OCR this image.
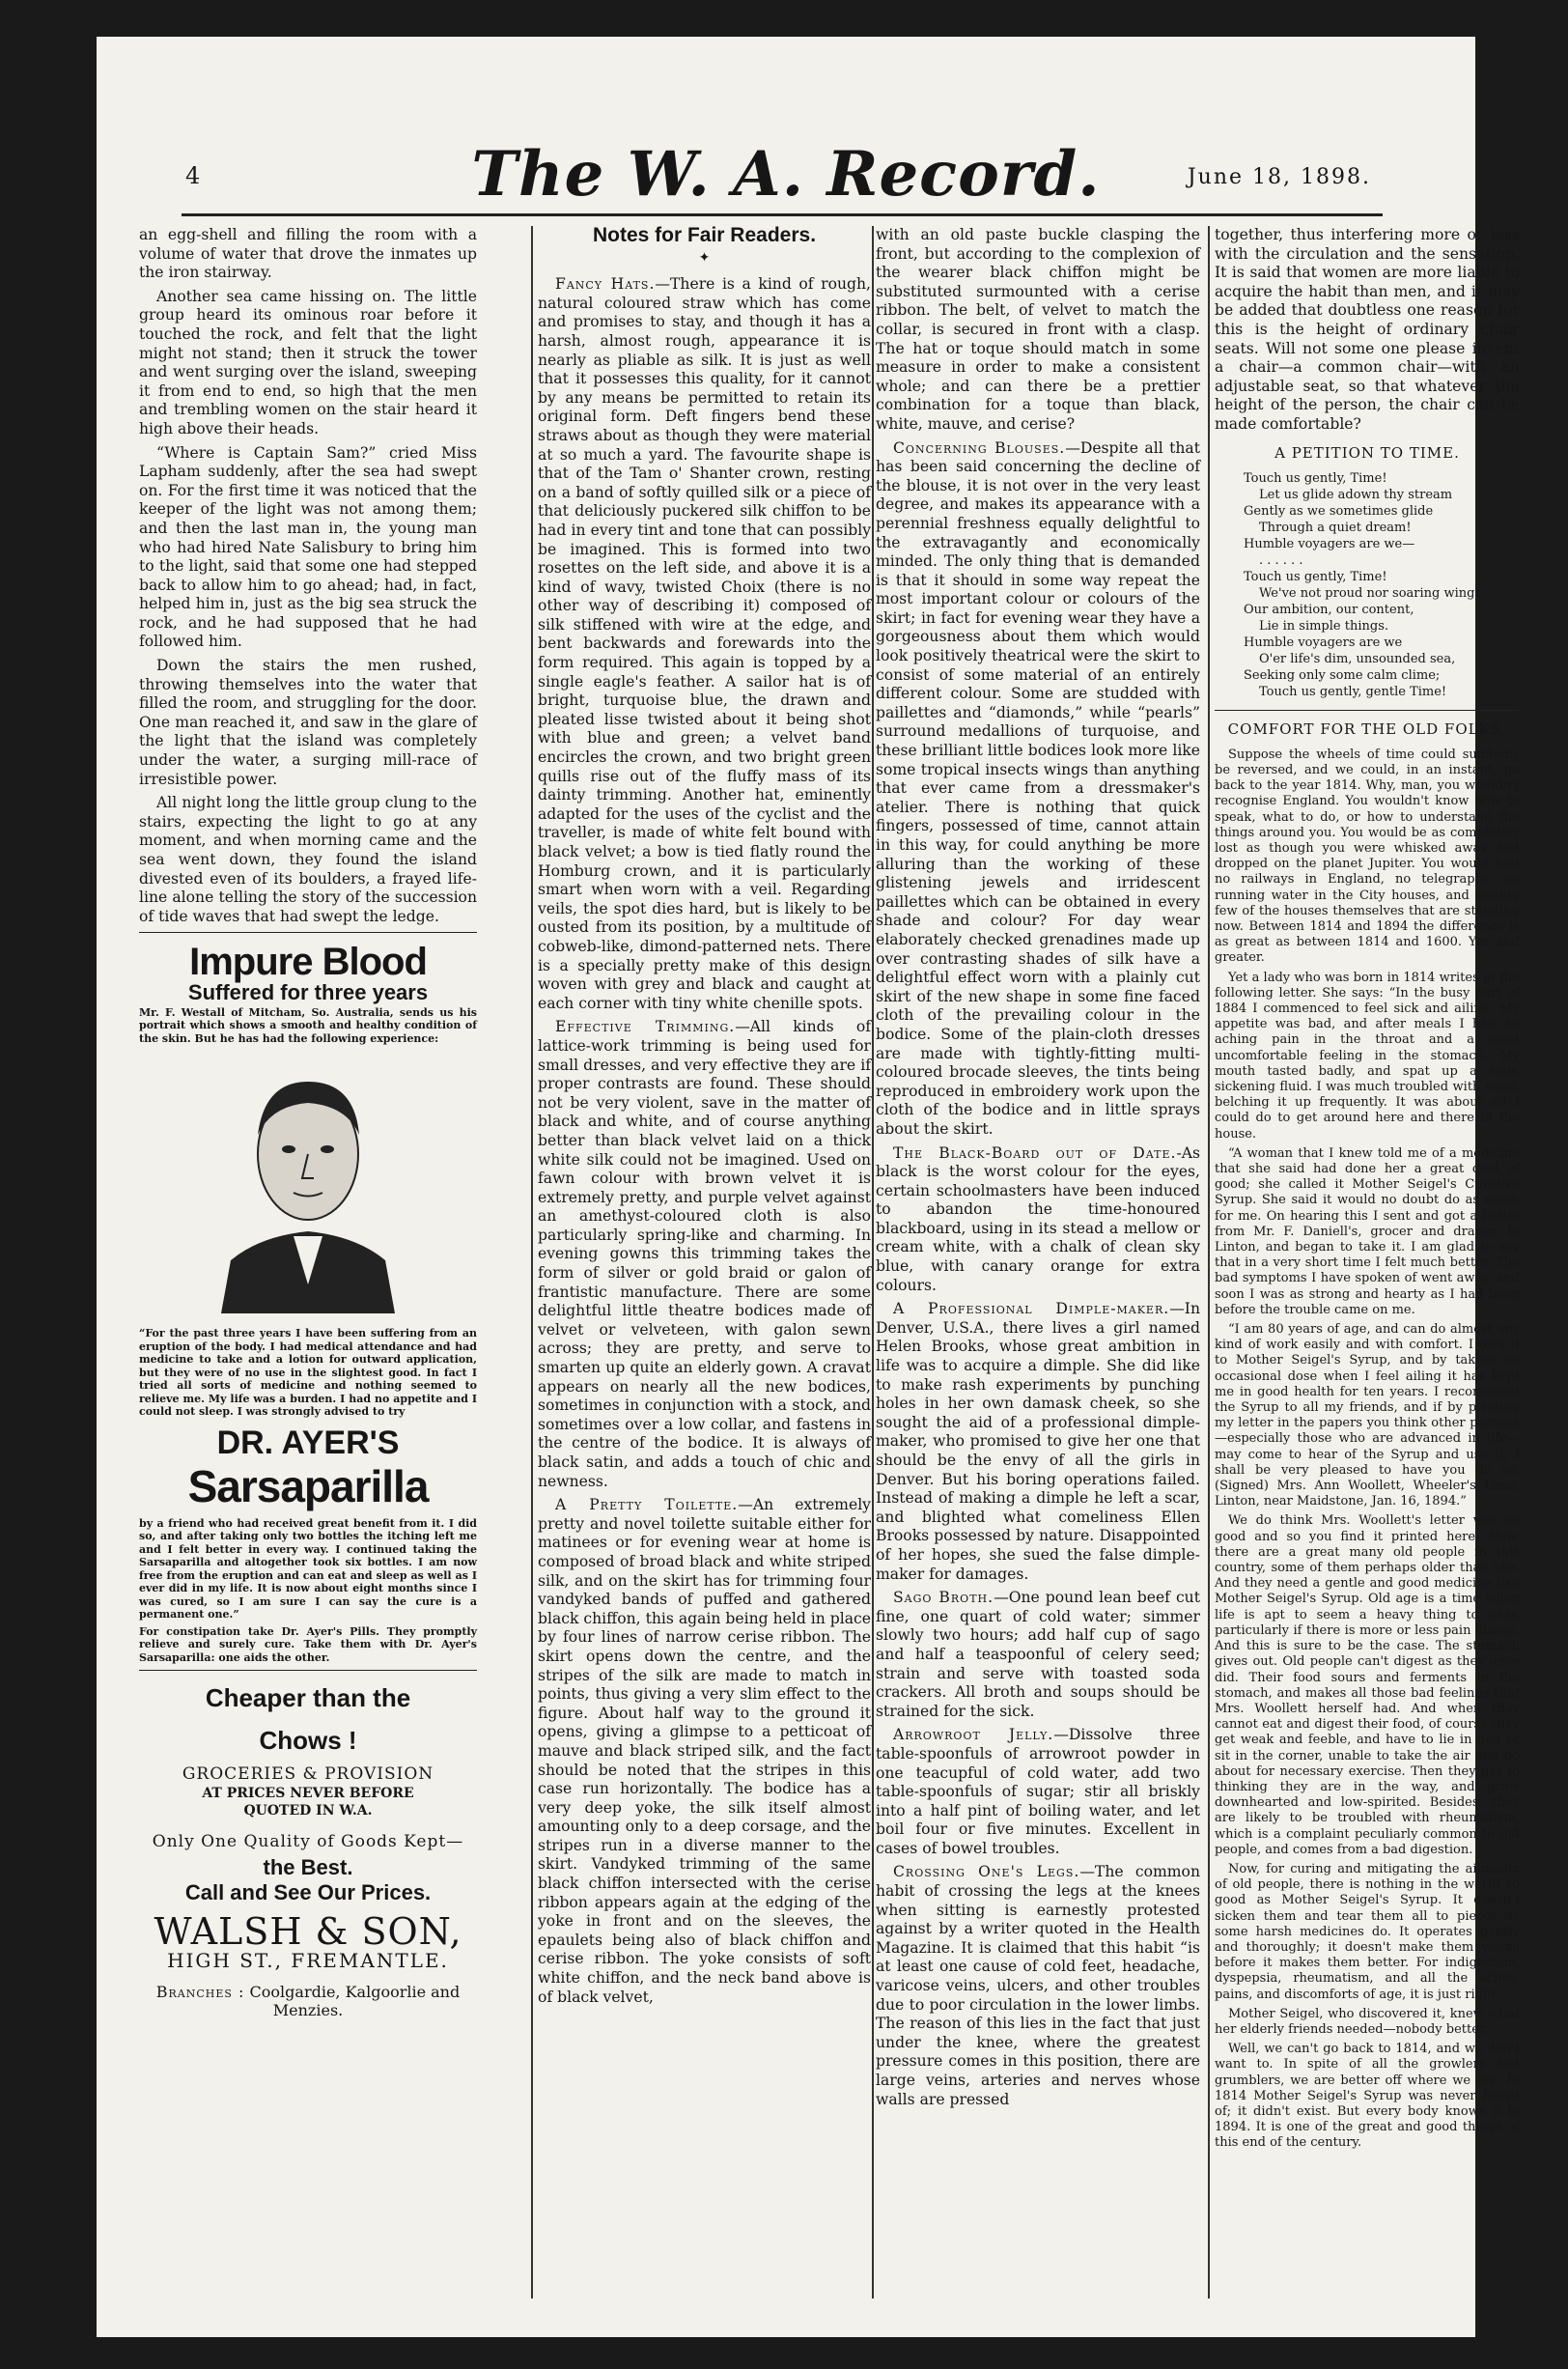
4	The W. A. Record.	June 18, 1898.

an egg-shell and filling the room with a volume of water that drove the inmates up the iron stairway.

Another sea came hissing on. The little group heard its ominous roar before it touched the rock, and felt that the light might not stand; then it struck the tower and went surging over the island, sweeping it from end to end, so high that the men and trembling women on the stair heard it high above their heads.

“Where is Captain Sam?” cried Miss Lapham suddenly, after the sea had swept on. For the first time it was noticed that the keeper of the light was not among them; and then the last man in, the young man who had hired Nate Salisbury to bring him to the light, said that some one had stepped back to allow him to go ahead; had, in fact, helped him in, just as the big sea struck the rock, and he had supposed that he had followed him.

Down the stairs the men rushed, throwing themselves into the water that filled the room, and struggling for the door. One man reached it, and saw in the glare of the light that the island was completely under the water, a surging mill-race of irresistible power.

All night long the little group clung to the stairs, expecting the light to go at any moment, and when morning came and the sea went down, they found the island divested even of its boulders, a frayed life-line alone telling the story of the succession of tide waves that had swept the ledge.

Impure Blood
Suffered for three years
Mr. F. Westall of Mitcham, So. Australia, sends us his portrait which shows a smooth and healthy condition of the skin. But he has had the following experience:
“For the past three years I have been suffering from an eruption of the body. I had medical attendance and had medicine to take and a lotion for outward application, but they were of no use in the slightest good. In fact I tried all sorts of medicine and nothing seemed to relieve me. My life was a burden. I had no appetite and I could not sleep. I was strongly advised to try
DR. AYER'S
Sarsaparilla
by a friend who had received great benefit from it. I did so, and after taking only two bottles the itching left me and I felt better in every way. I continued taking the Sarsaparilla and altogether took six bottles. I am now free from the eruption and can eat and sleep as well as I ever did in my life. It is now about eight months since I was cured, so I am sure I can say the cure is a permanent one.”
For constipation take Dr. Ayer's Pills. They promptly relieve and surely cure. Take them with Dr. Ayer's Sarsaparilla: one aids the other.
Cheaper than the
Chows !
GROCERIES & PROVISION
AT PRICES NEVER BEFORE
QUOTED IN W.A.
Only One Quality of Goods Kept—
the Best.
Call and See Our Prices.
WALSH & SON,
HIGH ST., FREMANTLE.
Branches : Coolgardie, Kalgoorlie and Menzies.
Notes for Fair Readers.
✦

Fancy Hats.—There is a kind of rough, natural coloured straw which has come and promises to stay, and though it has a harsh, almost rough, appearance it is nearly as pliable as silk. It is just as well that it possesses this quality, for it cannot by any means be permitted to retain its original form. Deft fingers bend these straws about as though they were material at so much a yard. The favourite shape is that of the Tam o' Shanter crown, resting on a band of softly quilled silk or a piece of that deliciously puckered silk chiffon to be had in every tint and tone that can possibly be imagined. This is formed into two rosettes on the left side, and above it is a kind of wavy, twisted Choix (there is no other way of describing it) composed of silk stiffened with wire at the edge, and bent backwards and forewards into the form required. This again is topped by a single eagle's feather. A sailor hat is of bright, turquoise blue, the drawn and pleated lisse twisted about it being shot with blue and green; a velvet band encircles the crown, and two bright green quills rise out of the fluffy mass of its dainty trimming. Another hat, eminently adapted for the uses of the cyclist and the traveller, is made of white felt bound with black velvet; a bow is tied flatly round the Homburg crown, and it is particularly smart when worn with a veil. Regarding veils, the spot dies hard, but is likely to be ousted from its position, by a multitude of cobweb-like, dimond-patterned nets. There is a specially pretty make of this design woven with grey and black and caught at each corner with tiny white chenille spots.

Effective Trimming.—All kinds of lattice-work trimming is being used for small dresses, and very effective they are if proper contrasts are found. These should not be very violent, save in the matter of black and white, and of course anything better than black velvet laid on a thick white silk could not be imagined. Used on fawn colour with brown velvet it is extremely pretty, and purple velvet against an amethyst-coloured cloth is also particularly spring-like and charming. In evening gowns this trimming takes the form of silver or gold braid or galon of frantistic manufacture. There are some delightful little theatre bodices made of velvet or velveteen, with galon sewn across; they are pretty, and serve to smarten up quite an elderly gown. A cravat appears on nearly all the new bodices, sometimes in conjunction with a stock, and sometimes over a low collar, and fastens in the centre of the bodice. It is always of black satin, and adds a touch of chic and newness.

A Pretty Toilette.—An extremely pretty and novel toilette suitable either for matinees or for evening wear at home is composed of broad black and white striped silk, and on the skirt has for trimming four vandyked bands of puffed and gathered black chiffon, this again being held in place by four lines of narrow cerise ribbon. The skirt opens down the centre, and the stripes of the silk are made to match in points, thus giving a very slim effect to the figure. About half way to the ground it opens, giving a glimpse to a petticoat of mauve and black striped silk, and the fact should be noted that the stripes in this case run horizontally. The bodice has a very deep yoke, the silk itself almost amounting only to a deep corsage, and the stripes run in a diverse manner to the skirt. Vandyked trimming of the same black chiffon intersected with the cerise ribbon appears again at the edging of the yoke in front and on the sleeves, the epaulets being also of black chiffon and cerise ribbon. The yoke consists of soft white chiffon, and the neck band above is of black velvet,

with an old paste buckle clasping the front, but according to the complexion of the wearer black chiffon might be substituted surmounted with a cerise ribbon. The belt, of velvet to match the collar, is secured in front with a clasp. The hat or toque should match in some measure in order to make a consistent whole; and can there be a prettier combination for a toque than black, white, mauve, and cerise?

Concerning Blouses.—Despite all that has been said concerning the decline of the blouse, it is not over in the very least degree, and makes its appearance with a perennial freshness equally delightful to the extravagantly and economically minded. The only thing that is demanded is that it should in some way repeat the most important colour or colours of the skirt; in fact for evening wear they have a gorgeousness about them which would look positively theatrical were the skirt to consist of some material of an entirely different colour. Some are studded with paillettes and “diamonds,” while “pearls” surround medallions of turquoise, and these brilliant little bodices look more like some tropical insects wings than anything that ever came from a dressmaker's atelier. There is nothing that quick fingers, possessed of time, cannot attain in this way, for could anything be more alluring than the working of these glistening jewels and irridescent paillettes which can be obtained in every shade and colour? For day wear elaborately checked grenadines made up over contrasting shades of silk have a delightful effect worn with a plainly cut skirt of the new shape in some fine faced cloth of the prevailing colour in the bodice. Some of the plain-cloth dresses are made with tightly-fitting multi-coloured brocade sleeves, the tints being reproduced in embroidery work upon the cloth of the bodice and in little sprays about the skirt.

The Black-Board out of Date.-As black is the worst colour for the eyes, certain schoolmasters have been induced to abandon the time-honoured blackboard, using in its stead a mellow or cream white, with a chalk of clean sky blue, with canary orange for extra colours.

A Professional Dimple-maker.—In Denver, U.S.A., there lives a girl named Helen Brooks, whose great ambition in life was to acquire a dimple. She did like to make rash experiments by punching holes in her own damask cheek, so she sought the aid of a professional dimple-maker, who promised to give her one that should be the envy of all the girls in Denver. But his boring operations failed. Instead of making a dimple he left a scar, and blighted what comeliness Ellen Brooks possessed by nature. Disappointed of her hopes, she sued the false dimple-maker for damages.

Sago Broth.—One pound lean beef cut fine, one quart of cold water; simmer slowly two hours; add half cup of sago and half a teaspoonful of celery seed; strain and serve with toasted soda crackers. All broth and soups should be strained for the sick.

Arrowroot Jelly.—Dissolve three table-spoonfuls of arrowroot powder in one teacupful of cold water, add two table-spoonfuls of sugar; stir all briskly into a half pint of boiling water, and let boil four or five minutes. Excellent in cases of bowel troubles.

Crossing One's Legs.—The common habit of crossing the legs at the knees when sitting is earnestly protested against by a writer quoted in the Health Magazine. It is claimed that this habit “is at least one cause of cold feet, headache, varicose veins, ulcers, and other troubles due to poor circulation in the lower limbs. The reason of this lies in the fact that just under the knee, where the greatest pressure comes in this position, there are large veins, arteries and nerves whose walls are pressed

together, thus interfering more or less with the circulation and the sensation. It is said that women are more liable to acquire the habit than men, and it may be added that doubtless one reason for this is the height of ordinary chair seats. Will not some one please invent a chair—a common chair—with an adjustable seat, so that whatever the height of the person, the chair can be made comfortable?

A PETITION TO TIME.
Touch us gently, Time!
Let us glide adown thy stream
Gently as we sometimes glide
Through a quiet dream!
Humble voyagers are we—
. . . . . .
Touch us gently, Time!
We've not proud nor soaring wings
Our ambition, our content,
Lie in simple things.
Humble voyagers are we
O'er life's dim, unsounded sea,
Seeking only some calm clime;
Touch us gently, gentle Time!
COMFORT FOR THE OLD FOLKS.

Suppose the wheels of time could suddenly be reversed, and we could, in an instant, go back to the year 1814. Why, man, you wouldn't recognise England. You wouldn't know how to speak, what to do, or how to understand the things around you. You would be as completely lost as though you were whisked away and dropped on the planet Jupiter. You would find no railways in England, no telegraphs, no running water in the City houses, and mighty few of the houses themselves that are standing now. Between 1814 and 1894 the difference is as great as between 1814 and 1600. Yes and greater.

Yet a lady who was born in 1814 writes in the following letter. She says: “In the busy part of 1884 I commenced to feel sick and ailing. My appetite was bad, and after meals I had an aching pain in the throat and a most uncomfortable feeling in the stomach. My mouth tasted badly, and spat up a sour, sickening fluid. I was much troubled with wind, belching it up frequently. It was about all I could do to get around here and there in the house.

“A woman that I knew told me of a medicine that she said had done her a great deal of good; she called it Mother Seigel's Curative Syrup. She said it would no doubt do as much for me. On hearing this I sent and got a bottle from Mr. F. Daniell's, grocer and draper, in Linton, and began to take it. I am glad to say that in a very short time I felt much better. The bad symptoms I have spoken of went away, and soon I was as strong and hearty as I had been before the trouble came on me.

“I am 80 years of age, and can do almost any kind of work easily and with comfort. I owe it to Mother Seigel's Syrup, and by taking an occasional dose when I feel ailing it has kept me in good health for ten years. I recommend the Syrup to all my friends, and if by printing my letter in the papers you think other persons—especially those who are advanced in life—may come to hear of the Syrup and use it, I shall be very pleased to have you do so. (Signed) Mrs. Ann Woollett, Wheeler's Lane, Linton, near Maidstone, Jan. 16, 1894.”

We do think Mrs. Woollett's letter will do good and so you find it printed here. Now, there are a great many old people in this country, some of them perhaps older than she. And they need a gentle and good medicine like Mother Seigel's Syrup. Old age is a time when life is apt to seem a heavy thing to bear, particularly if there is more or less pain illness. And this is sure to be the case. The stomach gives out. Old people can't digest as they once did. Their food sours and ferments in the stomach, and makes all those bad feelings that Mrs. Woollett herself had. And when they cannot eat and digest their food, of course they get weak and feeble, and have to lie in bed or sit in the corner, unable to take the air and go about for necessary exercise. Then they get to thinking they are in the way, and grow downhearted and low-spirited. Besides, they are likely to be troubled with rheumatism, which is a complaint peculiarly common to old people, and comes from a bad digestion.

Now, for curing and mitigating the ailments of old people, there is nothing in the world so good as Mother Seigel's Syrup. It doesn't sicken them and tear them all to pieces as some harsh medicines do. It operates gently and thoroughly; it doesn't make them worse before it makes them better. For indigestion, dyspepsia, rheumatism, and all the aches, pains, and discomforts of age, it is just right.

Mother Seigel, who discovered it, knew what her elderly friends needed—nobody better.

Well, we can't go back to 1814, and we don't want to. In spite of all the growlers and grumblers, we are better off where we are. In 1814 Mother Seigel's Syrup was never heard of; it didn't exist. But every body knows it in 1894. It is one of the great and good things of this end of the century.
